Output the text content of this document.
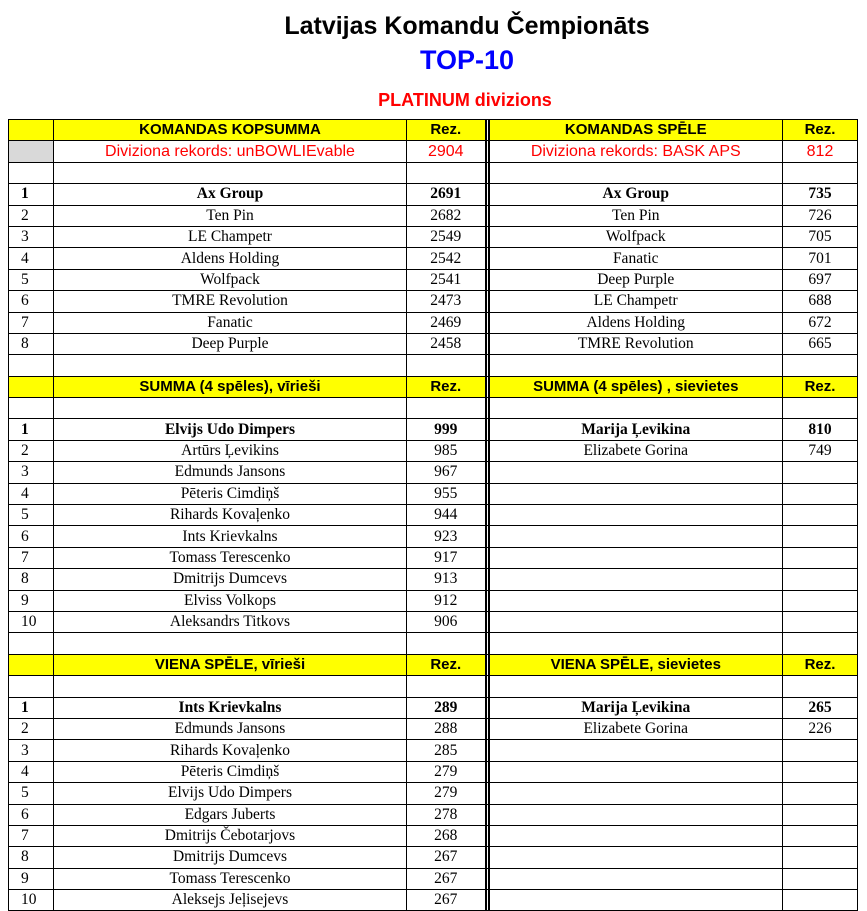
Latvijas Komandu Čempionāts
TOP-10
PLATINUM divizions
	KOMANDAS KOPSUMMA	Rez.		KOMANDAS SPĒLE	Rez.
	Diviziona rekords: unBOWLIEvable	2904		Diviziona rekords: BASK APS	812

1	Ax Group	2691		Ax Group	735
2	Ten Pin	2682		Ten Pin	726
3	LE Champetr	2549		Wolfpack	705
4	Aldens Holding	2542		Fanatic	701
5	Wolfpack	2541		Deep Purple	697
6	TMRE Revolution	2473		LE Champetr	688
7	Fanatic	2469		Aldens Holding	672
8	Deep Purple	2458		TMRE Revolution	665

	SUMMA (4 spēles), vīrieši	Rez.		SUMMA (4 spēles) , sievietes	Rez.

1	Elvijs Udo Dimpers	999		Marija Ļevikina	810
2	Artūrs Ļevikins	985		Elizabete Gorina	749
3	Edmunds Jansons	967			
4	Pēteris Cimdiņš	955			
5	Rihards Kovaļenko	944			
6	Ints Krievkalns	923			
7	Tomass Terescenko	917			
8	Dmitrijs Dumcevs	913			
9	Elviss Volkops	912			
10	Aleksandrs Titkovs	906			

	VIENA SPĒLE, vīrieši	Rez.		VIENA SPĒLE, sievietes	Rez.

1	Ints Krievkalns	289		Marija Ļevikina	265
2	Edmunds Jansons	288		Elizabete Gorina	226
3	Rihards Kovaļenko	285			
4	Pēteris Cimdiņš	279			
5	Elvijs Udo Dimpers	279			
6	Edgars Juberts	278			
7	Dmitrijs Čebotarjovs	268			
8	Dmitrijs Dumcevs	267			
9	Tomass Terescenko	267			
10	Aleksejs Jeļisejevs	267			
